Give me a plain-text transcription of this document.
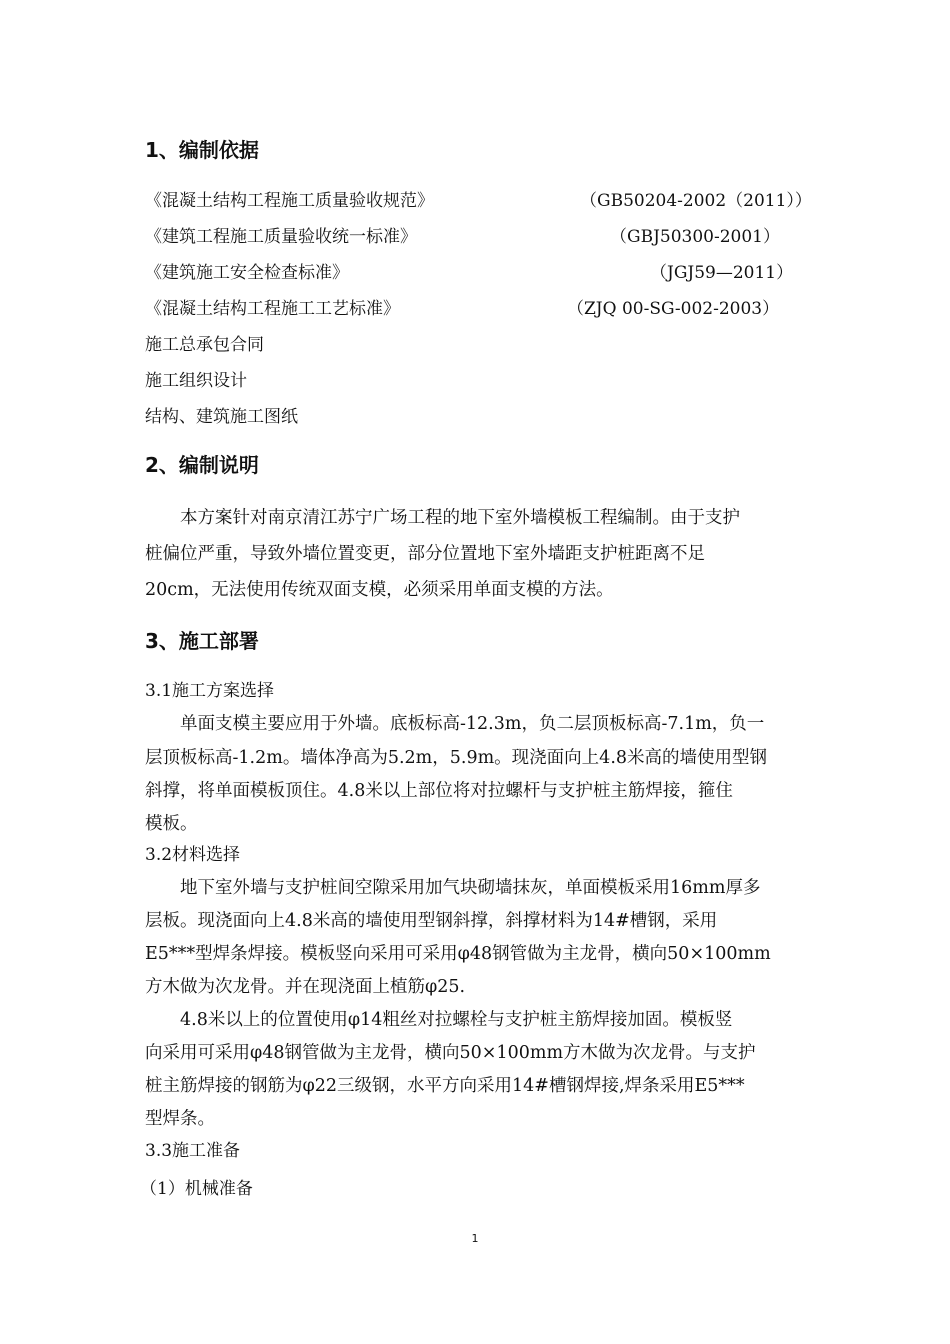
1、编制依据
《混凝土结构工程施工质量验收规范》	（GB50204-2002（2011））
《建筑工程施工质量验收统一标准》	（GBJ50300-2001）
《建筑施工安全检查标准》	（JGJ59—2011）
《混凝土结构工程施工工艺标准》	（ZJQ 00-SG-002-2003）
施工总承包合同
施工组织设计
结构、建筑施工图纸
2、编制说明
本方案针对南京清江苏宁广场工程的地下室外墙模板工程编制。由于支护
桩偏位严重，导致外墙位置变更，部分位置地下室外墙距支护桩距离不足
20cm，无法使用传统双面支模，必须采用单面支模的方法。
3、施工部署
3.1施工方案选择
单面支模主要应用于外墙。底板标高-12.3m，负二层顶板标高-7.1m，负一
层顶板标高-1.2m。墙体净高为5.2m，5.9m。现浇面向上4.8米高的墙使用型钢
斜撑，将单面模板顶住。4.8米以上部位将对拉螺杆与支护桩主筋焊接，箍住
模板。
3.2材料选择
地下室外墙与支护桩间空隙采用加气块砌墙抹灰，单面模板采用16mm厚多
层板。现浇面向上4.8米高的墙使用型钢斜撑，斜撑材料为14#槽钢，采用
E5***型焊条焊接。模板竖向采用可采用φ48钢管做为主龙骨，横向50×100mm
方木做为次龙骨。并在现浇面上植筋φ25.
4.8米以上的位置使用φ14粗丝对拉螺栓与支护桩主筋焊接加固。模板竖
向采用可采用φ48钢管做为主龙骨，横向50×100mm方木做为次龙骨。与支护
桩主筋焊接的钢筋为φ22三级钢，水平方向采用14#槽钢焊接,焊条采用E5***
型焊条。
3.3施工准备
（1）机械准备
1
